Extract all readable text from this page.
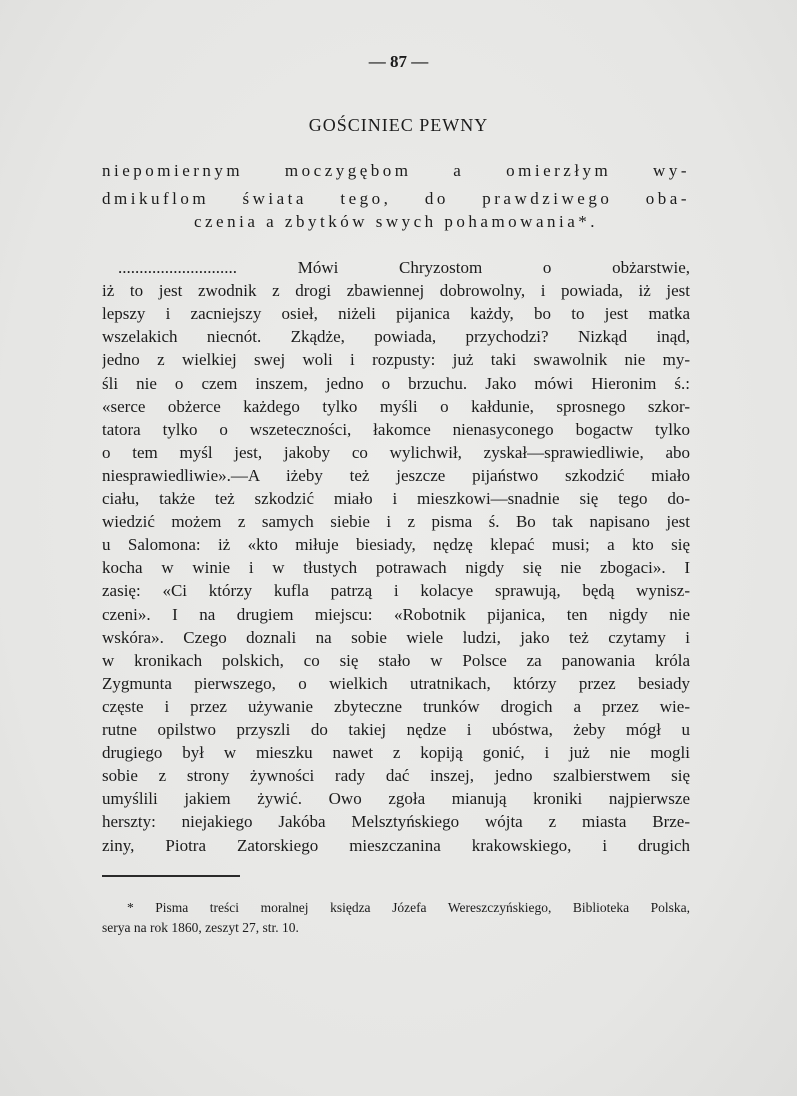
— 87 —
GOŚCINIEC PEWNY
niepomiernym moczygębom a omierzłym wy-
dmikuflom świata tego, do prawdziwego oba-
czenia a zbytków swych pohamowania*.
............................ Mówi Chryzostom o obżarstwie,
iż to jest zwodnik z drogi zbawiennej dobrowolny, i powiada, iż jest
lepszy i zacniejszy osieł, niżeli pijanica każdy, bo to jest matka
wszelakich niecnót. Zkądże, powiada, przychodzi? Nizkąd inąd,
jedno z wielkiej swej woli i rozpusty: już taki swawolnik nie my-
śli nie o czem inszem, jedno o brzuchu. Jako mówi Hieronim ś.:
«serce obżerce każdego tylko myśli o kałdunie, sprosnego szkor-
tatora tylko o wszeteczności, łakomce nienasyconego bogactw tylko
o tem myśl jest, jakoby co wylichwił, zyskał—sprawiedliwie, abo
niesprawiedliwie».—A iżeby też jeszcze pijaństwo szkodzić miało
ciału, także też szkodzić miało i mieszkowi—snadnie się tego do-
wiedzić możem z samych siebie i z pisma ś. Bo tak napisano jest
u Salomona: iż «kto miłuje biesiady, nędzę klepać musi; a kto się
kocha w winie i w tłustych potrawach nigdy się nie zbogaci». I
zasię: «Ci którzy kufla patrzą i kolacye sprawują, będą wynisz-
czeni». I na drugiem miejscu: «Robotnik pijanica, ten nigdy nie
wskóra». Czego doznali na sobie wiele ludzi, jako też czytamy i
w kronikach polskich, co się stało w Polsce za panowania króla
Zygmunta pierwszego, o wielkich utratnikach, którzy przez besiady
częste i przez używanie zbyteczne trunków drogich a przez wie-
rutne opilstwo przyszli do takiej nędze i ubóstwa, żeby mógł u
drugiego był w mieszku nawet z kopiją gonić, i już nie mogli
sobie z strony żywności rady dać inszej, jedno szalbierstwem się
umyślili jakiem żywić. Owo zgoła mianują kroniki najpierwsze
herszty: niejakiego Jakóba Melsztyńskiego wójta z miasta Brze-
ziny, Piotra Zatorskiego mieszczanina krakowskiego, i drugich
* Pisma treści moralnej księdza Józefa Wereszczyńskiego, Biblioteka Polska,
serya na rok 1860, zeszyt 27, str. 10.
